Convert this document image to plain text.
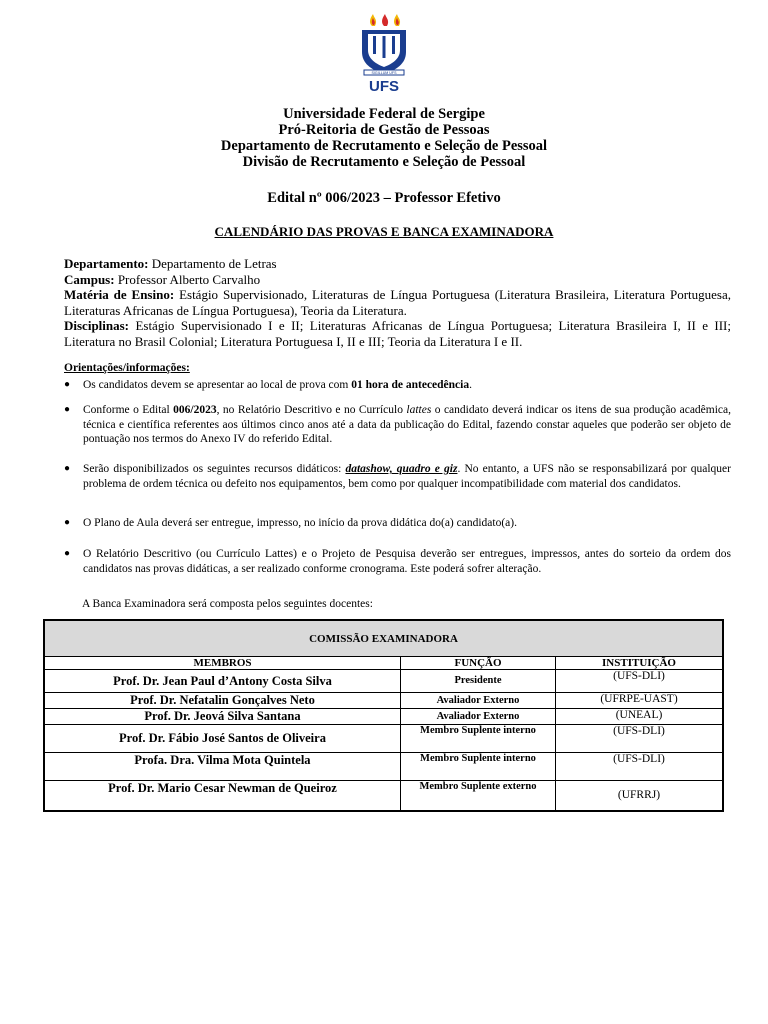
SIGILLUM UFS
UFS
Universidade Federal de Sergipe
Pró-Reitoria de Gestão de Pessoas
Departamento de Recrutamento e Seleção de Pessoal
Divisão de Recrutamento e Seleção de Pessoal
Edital nº 006/2023 – Professor Efetivo
CALENDÁRIO DAS PROVAS E BANCA EXAMINADORA
Departamento: Departamento de Letras
Campus: Professor Alberto Carvalho
Matéria de Ensino: Estágio Supervisionado, Literaturas de Língua Portuguesa (Literatura Brasileira, Literatura Portuguesa, Literaturas Africanas de Língua Portuguesa), Teoria da Literatura.
Disciplinas: Estágio Supervisionado I e II; Literaturas Africanas de Língua Portuguesa; Literatura Brasileira I, II e III; Literatura no Brasil Colonial; Literatura Portuguesa I, II e III; Teoria da Literatura I e II.
Orientações/informações:
● Os candidatos devem se apresentar ao local de prova com 01 hora de antecedência.
● Conforme o Edital 006/2023, no Relatório Descritivo e no Currículo lattes o candidato deverá indicar os itens de sua produção acadêmica, técnica e científica referentes aos últimos cinco anos até a data da publicação do Edital, fazendo constar aqueles que poderão ser objeto de pontuação nos termos do Anexo IV do referido Edital.
● Serão disponibilizados os seguintes recursos didáticos: datashow, quadro e giz. No entanto, a UFS não se responsabilizará por qualquer problema de ordem técnica ou defeito nos equipamentos, bem como por qualquer incompatibilidade com material dos candidatos.
● O Plano de Aula deverá ser entregue, impresso, no início da prova didática do(a) candidato(a).
● O Relatório Descritivo (ou Currículo Lattes) e o Projeto de Pesquisa deverão ser entregues, impressos, antes do sorteio da ordem dos candidatos nas provas didáticas, a ser realizado conforme cronograma. Este poderá sofrer alteração.
A Banca Examinadora será composta pelos seguintes docentes:
COMISSÃO EXAMINADORA		
MEMBROS	FUNÇÃO	INSTITUIÇÃO
Prof. Dr. Jean Paul d’Antony Costa Silva	Presidente	(UFS-DLI)
Prof. Dr. Nefatalin Gonçalves Neto	Avaliador Externo	(UFRPE-UAST)
Prof. Dr. Jeová Silva Santana	Avaliador Externo	(UNEAL)
Prof. Dr. Fábio José Santos de Oliveira	Membro Suplente interno	(UFS-DLI)
Profa. Dra. Vilma Mota Quintela	Membro Suplente interno	(UFS-DLI)
Prof. Dr. Mario Cesar Newman de Queiroz	Membro Suplente externo	(UFRRJ)
